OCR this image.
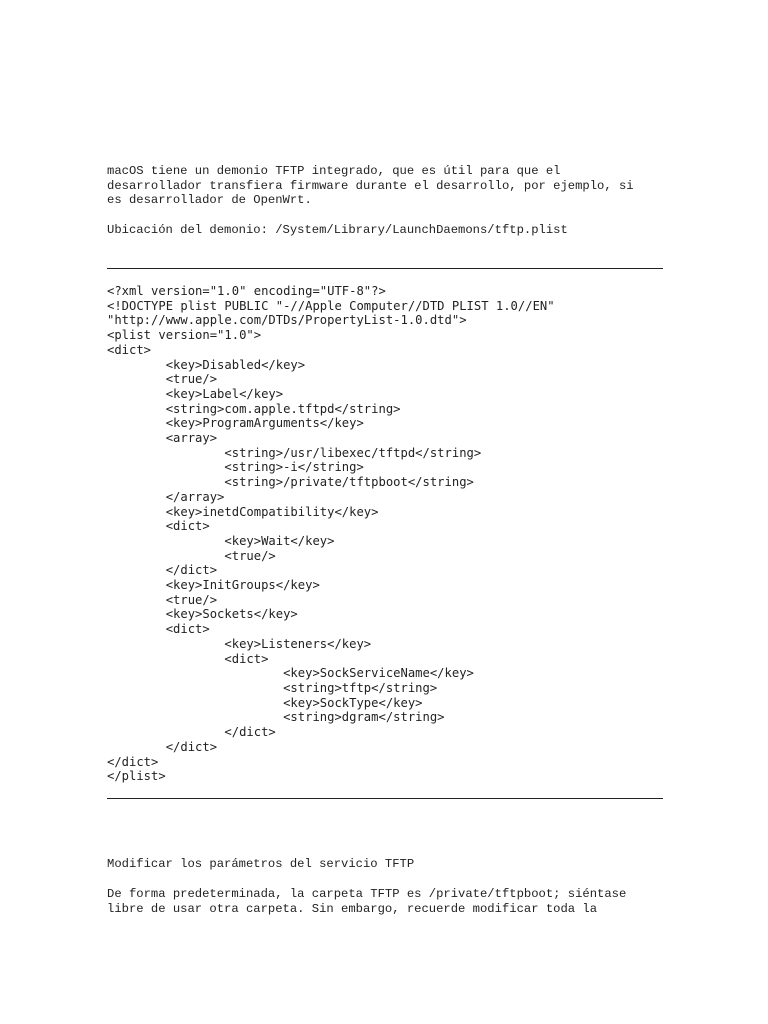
macOS tiene un demonio TFTP integrado, que es útil para que el
desarrollador transfiera firmware durante el desarrollo, por ejemplo, si
es desarrollador de OpenWrt.

Ubicación del demonio: /System/Library/LaunchDaemons/tftp.plist

<?xml version="1.0" encoding="UTF-8"?>
<!DOCTYPE plist PUBLIC "-//Apple Computer//DTD PLIST 1.0//EN"
"http://www.apple.com/DTDs/PropertyList-1.0.dtd">
<plist version="1.0">
<dict>
<key>Disabled</key>
<true/>
<key>Label</key>
<string>com.apple.tftpd</string>
<key>ProgramArguments</key>
<array>
<string>/usr/libexec/tftpd</string>
<string>-i</string>
<string>/private/tftpboot</string>
</array>
<key>inetdCompatibility</key>
<dict>
<key>Wait</key>
<true/>
</dict>
<key>InitGroups</key>
<true/>
<key>Sockets</key>
<dict>
<key>Listeners</key>
<dict>
<key>SockServiceName</key>
<string>tftp</string>
<key>SockType</key>
<string>dgram</string>
</dict>
</dict>
</dict>
</plist>

Modificar los parámetros del servicio TFTP

De forma predeterminada, la carpeta TFTP es /private/tftpboot; siéntase
libre de usar otra carpeta. Sin embargo, recuerde modificar toda la
